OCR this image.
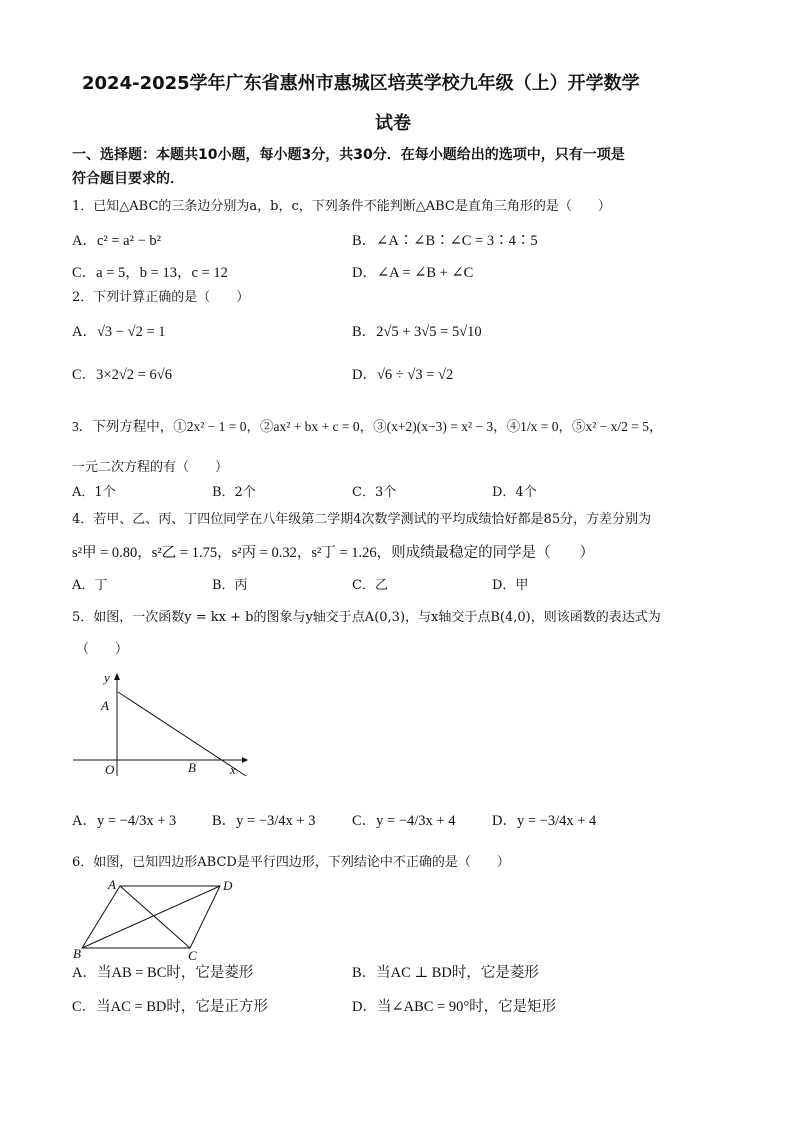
2024-2025学年广东省惠州市惠城区培英学校九年级（上）开学数学
试卷
一、选择题：本题共10小题，每小题3分，共30分．在每小题给出的选项中，只有一项是
符合题目要求的．
1．已知△ABC的三条边分别为a，b，c，下列条件不能判断△ABC是直角三角形的是（　　）
A．c² = a² − b²	B．∠A∶∠B∶∠C = 3∶4∶5
C．a = 5，b = 13，c = 12	D．∠A = ∠B + ∠C
2．下列计算正确的是（　　）
A．√3 − √2 = 1	B．2√5 + 3√5 = 5√10
C．3×2√2 = 6√6	D．√6 ÷ √3 = √2
3．下列方程中，①2x² − 1 = 0，②ax² + bx + c = 0，③(x+2)(x−3) = x² − 3，④1/x = 0，⑤x² − x/2 = 5，
一元二次方程的有（　　）
A．1个	B．2个	C．3个	D．4个
4．若甲、乙、丙、丁四位同学在八年级第二学期4次数学测试的平均成绩恰好都是85分，方差分别为
s²甲 = 0.80，s²乙 = 1.75，s²丙 = 0.32，s²丁 = 1.26，则成绩最稳定的同学是（　　）
A．丁	B．丙	C．乙	D．甲
5．如图，一次函数y = kx + b的图象与y轴交于点A(0,3)，与x轴交于点B(4,0)，则该函数的表达式为
（　　）
y
x
A
O	B
A．y = −4/3x + 3 B．y = −3/4x + 3	C．y = −4/3x + 4	D．y = −3/4x + 4
6．如图，已知四边形ABCD是平行四边形，下列结论中不正确的是（　　）
A	D
B	C
A．当AB = BC时，它是菱形	B．当AC ⊥ BD时，它是菱形
C．当AC = BD时，它是正方形	D．当∠ABC = 90°时，它是矩形
